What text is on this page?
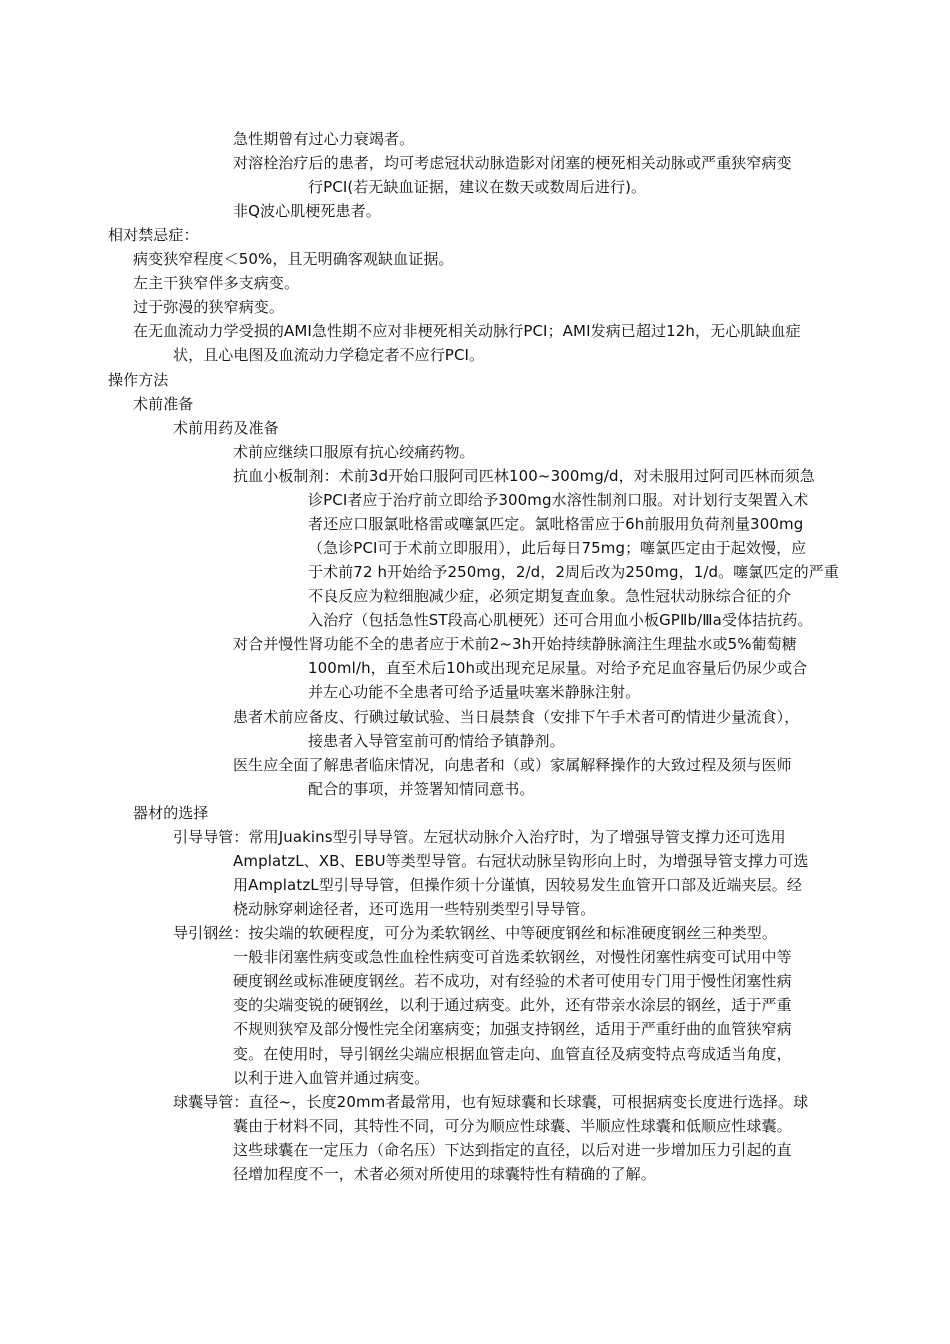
急性期曾有过心力衰竭者。
对溶栓治疗后的患者，均可考虑冠状动脉造影对闭塞的梗死相关动脉或严重狭窄病变
行PCI(若无缺血证据，建议在数天或数周后进行)。
非Q波心肌梗死患者。
相对禁忌症：
病变狭窄程度＜50%，且无明确客观缺血证据。
左主干狭窄伴多支病变。
过于弥漫的狭窄病变。
在无血流动力学受损的AMI急性期不应对非梗死相关动脉行PCI；AMI发病已超过12h，无心肌缺血症
状，且心电图及血流动力学稳定者不应行PCI。
操作方法
术前准备
术前用药及准备
术前应继续口服原有抗心绞痛药物。
抗血小板制剂：术前3d开始口服阿司匹林100~300mg/d，对未服用过阿司匹林而须急
诊PCI者应于治疗前立即给予300mg水溶性制剂口服。对计划行支架置入术
者还应口服氯吡格雷或噻氯匹定。氯吡格雷应于6h前服用负荷剂量300mg
（急诊PCI可于术前立即服用），此后每日75mg；噻氯匹定由于起效慢，应
于术前72 h开始给予250mg，2/d，2周后改为250mg，1/d。噻氯匹定的严重
不良反应为粒细胞减少症，必须定期复查血象。急性冠状动脉综合征的介
入治疗（包括急性ST段高心肌梗死）还可合用血小板GPⅡb/Ⅲa受体拮抗药。
对合并慢性肾功能不全的患者应于术前2~3h开始持续静脉滴注生理盐水或5%葡萄糖
100ml/h，直至术后10h或出现充足尿量。对给予充足血容量后仍尿少或合
并左心功能不全患者可给予适量呋塞米静脉注射。
患者术前应备皮、行碘过敏试验、当日晨禁食（安排下午手术者可酌情进少量流食），
接患者入导管室前可酌情给予镇静剂。
医生应全面了解患者临床情况，向患者和（或）家属解释操作的大致过程及须与医师
配合的事项，并签署知情同意书。
器材的选择
引导导管：常用Juakins型引导导管。左冠状动脉介入治疗时，为了增强导管支撑力还可选用
AmplatzL、XB、EBU等类型导管。右冠状动脉呈钩形向上时，为增强导管支撑力可选
用AmplatzL型引导导管，但操作须十分谨慎，因较易发生血管开口部及近端夹层。经
桡动脉穿刺途径者，还可选用一些特别类型引导导管。
导引钢丝：按尖端的软硬程度，可分为柔软钢丝、中等硬度钢丝和标准硬度钢丝三种类型。
一般非闭塞性病变或急性血栓性病变可首选柔软钢丝，对慢性闭塞性病变可试用中等
硬度钢丝或标准硬度钢丝。若不成功，对有经验的术者可使用专门用于慢性闭塞性病
变的尖端变锐的硬钢丝，以利于通过病变。此外，还有带亲水涂层的钢丝，适于严重
不规则狭窄及部分慢性完全闭塞病变；加强支持钢丝，适用于严重纡曲的血管狭窄病
变。在使用时，导引钢丝尖端应根据血管走向、血管直径及病变特点弯成适当角度，
以利于进入血管并通过病变。
球囊导管：直径~，长度20mm者最常用，也有短球囊和长球囊，可根据病变长度进行选择。球
囊由于材料不同，其特性不同，可分为顺应性球囊、半顺应性球囊和低顺应性球囊。
这些球囊在一定压力（命名压）下达到指定的直径，以后对进一步增加压力引起的直
径增加程度不一，术者必须对所使用的球囊特性有精确的了解。
